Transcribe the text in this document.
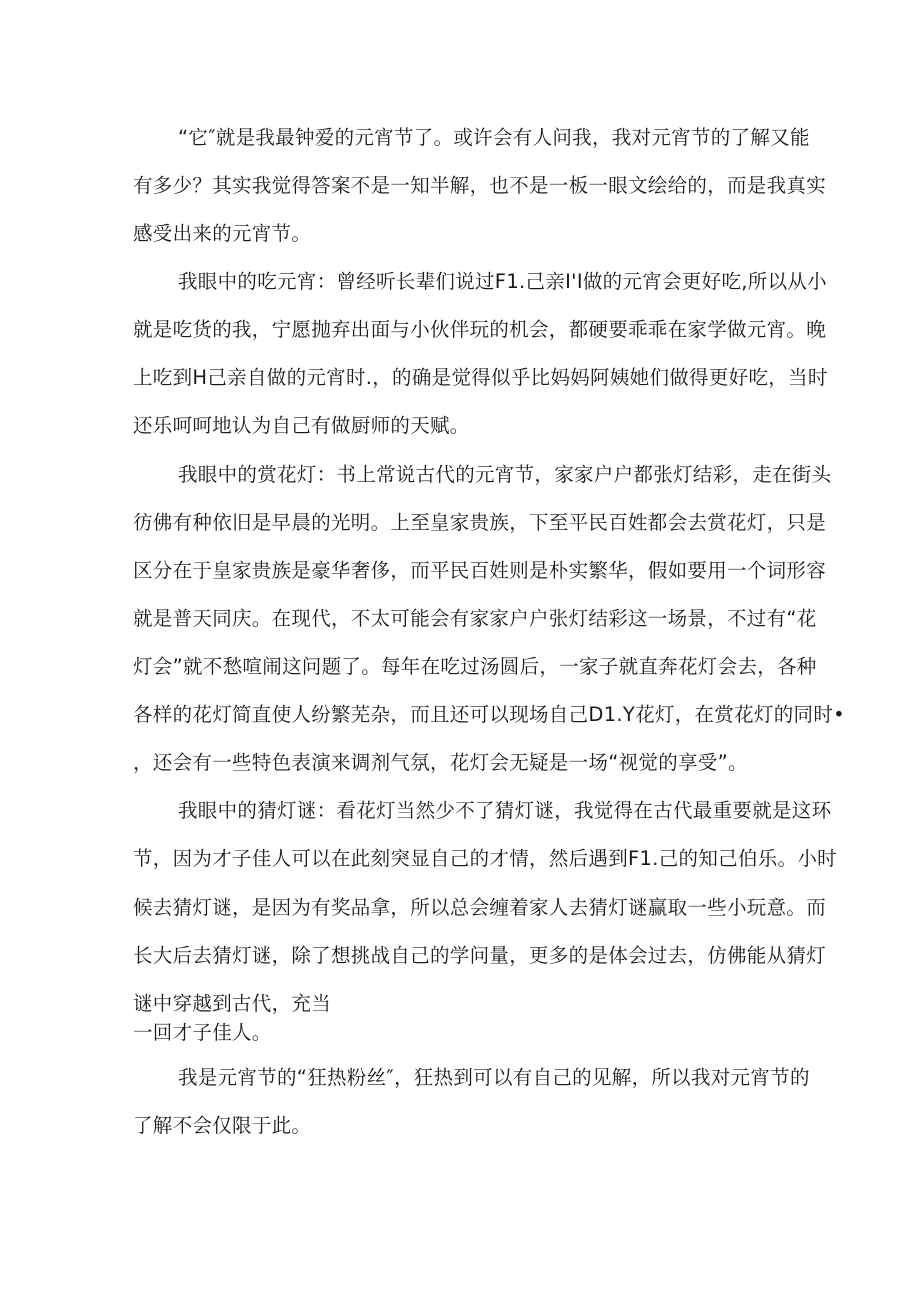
“它″就是我最钟爱的元宵节了。或许会有人问我，我对元宵节的了解又能

有多少？其实我觉得答案不是一知半解，也不是一板一眼文绘给的，而是我真实

感受出来的元宵节。

我眼中的吃元宵：曾经听长辈们说过F1.己亲I'I做的元宵会更好吃,所以从小

就是吃货的我，宁愿抛弃出面与小伙伴玩的机会，都硬要乖乖在家学做元宵。晚

上吃到H己亲自做的元宵时.，的确是觉得似乎比妈妈阿姨她们做得更好吃，当时

还乐呵呵地认为自己有做厨师的天赋。

我眼中的赏花灯：书上常说古代的元宵节，家家户户都张灯结彩，走在街头

彷佛有种依旧是早晨的光明。上至皇家贵族，下至平民百姓都会去赏花灯，只是

区分在于皇家贵族是豪华奢侈，而平民百姓则是朴实繁华，假如要用一个词形容

就是普天同庆。在现代，不太可能会有家家户户张灯结彩这一场景，不过有“花

灯会”就不愁喧闹这问题了。每年在吃过汤圆后，一家子就直奔花灯会去，各种

各样的花灯简直使人纷繁芜杂，而且还可以现场自己D1.Y花灯，在赏花灯的同时•

，还会有一些特色表演来调剂气氛，花灯会无疑是一场“视觉的享受”。

我眼中的猜灯谜：看花灯当然少不了猜灯谜，我觉得在古代最重要就是这环

节，因为才子佳人可以在此刻突显自己的才情，然后遇到F1.己的知己伯乐。小时

候去猜灯谜，是因为有奖品拿，所以总会缠着家人去猜灯谜赢取一些小玩意。而

长大后去猜灯谜，除了想挑战自己的学问量，更多的是体会过去，仿佛能从猜灯

谜中穿越到古代，充当

一回才子佳人。

我是元宵节的“狂热粉丝″，狂热到可以有自己的见解，所以我对元宵节的

了解不会仅限于此。
